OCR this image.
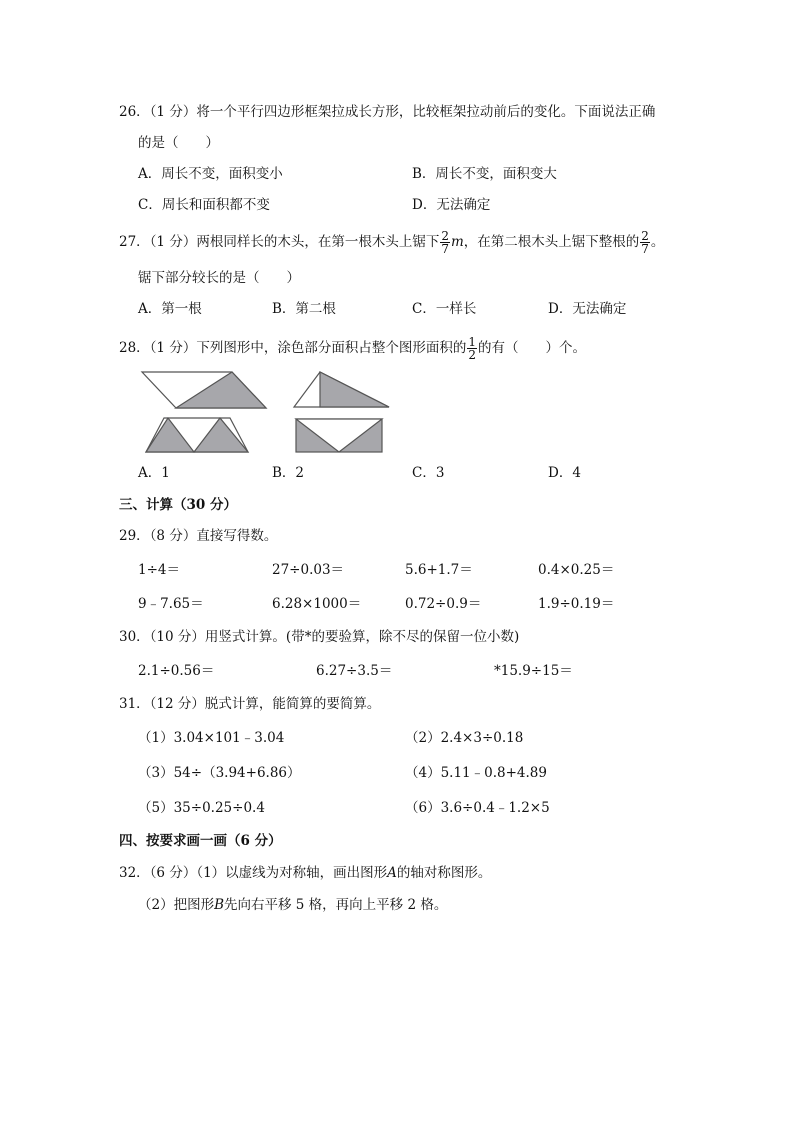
26．（1 分）将一个平行四边形框架拉成长方形，比较框架拉动前后的变化。下面说法正确
的是（　　）
A．周长不变，面积变小	B．周长不变，面积变大
C．周长和面积都不变	D．无法确定
27．（1 分）两根同样长的木头，在第一根木头上锯下 $\frac{2}{7}$ m，在第二根木头上锯下整根的 $\frac{2}{7}$ 。
锯下部分较长的是（　　）
A．第一根	B．第二根	C．一样长	D．无法确定
28．（1 分）下列图形中，涂色部分面积占整个图形面积的 $\frac{1}{2}$ 的有（　　）个。
A．1	B．2	C．3	D．4
三、计算（30 分）
29．（8 分）直接写得数。
1÷4＝	27÷0.03＝	5.6+1.7＝	0.4×0.25＝
9﹣7.65＝	6.28×1000＝	0.72÷0.9＝	1.9÷0.19＝
30．（10 分）用竖式计算。(带*的要验算，除不尽的保留一位小数)
2.1÷0.56＝	6.27÷3.5＝	*15.9÷15＝
31．（12 分）脱式计算，能简算的要简算。
（1）3.04×101﹣3.04	（2）2.4×3÷0.18
（3）54÷（3.94+6.86）	（4）5.11﹣0.8+4.89
（5）35÷0.25÷0.4	（6）3.6÷0.4﹣1.2×5
四、按要求画一画（6 分）
32．（6 分）（1）以虚线为对称轴，画出图形A的轴对称图形。
（2）把图形B先向右平移 5 格，再向上平移 2 格。
